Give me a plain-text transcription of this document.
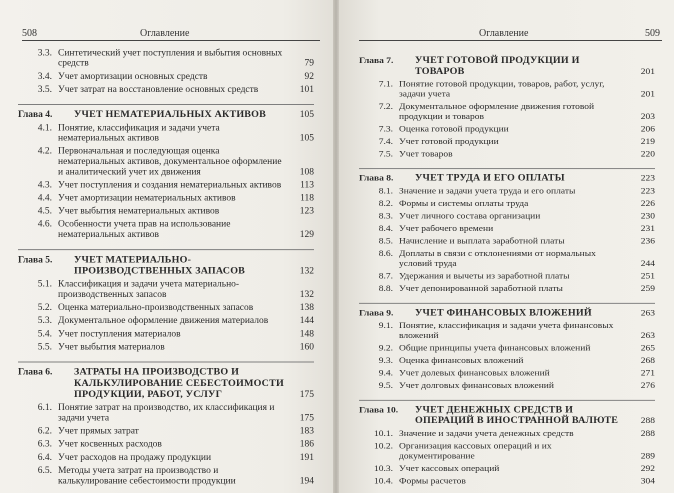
508	Оглавление
3.3. Синтетический учет поступления и выбытия основных средств	79
3.4. Учет амортизации основных средств	92
3.5. Учет затрат на восстановление основных средств	101
Глава 4. УЧЕТ НЕМАТЕРИАЛЬНЫХ АКТИВОВ	105
4.1. Понятие, классификация и задачи учета нематериальных активов	105
4.2. Первоначальная и последующая оценка нематериальных активов, документальное оформление и аналитический учет их движения	108
4.3. Учет поступления и создания нематериальных активов	113
4.4. Учет амортизации нематериальных активов	118
4.5. Учет выбытия нематериальных активов	123
4.6. Особенности учета прав на использование нематериальных активов	129
Глава 5. УЧЕТ МАТЕРИАЛЬНО-ПРОИЗВОДСТВЕННЫХ ЗАПАСОВ	132
5.1. Классификация и задачи учета материально-производственных запасов	132
5.2. Оценка материально-производственных запасов	138
5.3. Документальное оформление движения материалов	144
5.4. Учет поступления материалов	148
5.5. Учет выбытия материалов	160
Глава 6. ЗАТРАТЫ НА ПРОИЗВОДСТВО И КАЛЬКУЛИРОВАНИЕ СЕБЕСТОИМОСТИ ПРОДУКЦИИ, РАБОТ, УСЛУГ	175
6.1. Понятие затрат на производство, их классификация и задачи учета	175
6.2. Учет прямых затрат	183
6.3. Учет косвенных расходов	186
6.4. Учет расходов на продажу продукции	191
6.5. Методы учета затрат на производство и калькулирование себестоимости продукции	194
Оглавление	509
Глава 7. УЧЕТ ГОТОВОЙ ПРОДУКЦИИ И ТОВАРОВ	201
7.1. Понятие готовой продукции, товаров, работ, услуг, задачи учета	201
7.2. Документальное оформление движения готовой продукции и товаров	203
7.3. Оценка готовой продукции	206
7.4. Учет готовой продукции	219
7.5. Учет товаров	220
Глава 8. УЧЕТ ТРУДА И ЕГО ОПЛАТЫ	223
8.1. Значение и задачи учета труда и его оплаты	223
8.2. Формы и системы оплаты труда	226
8.3. Учет личного состава организации	230
8.4. Учет рабочего времени	231
8.5. Начисление и выплата заработной платы	236
8.6. Доплаты в связи с отклонениями от нормальных условий труда	244
8.7. Удержания и вычеты из заработной платы	251
8.8. Учет депонированной заработной платы	259
Глава 9. УЧЕТ ФИНАНСОВЫХ ВЛОЖЕНИЙ	263
9.1. Понятие, классификация и задачи учета финансовых вложений	263
9.2. Общие принципы учета финансовых вложений	265
9.3. Оценка финансовых вложений	268
9.4. Учет долевых финансовых вложений	271
9.5. Учет долговых финансовых вложений	276
Глава 10. УЧЕТ ДЕНЕЖНЫХ СРЕДСТВ И ОПЕРАЦИЙ В ИНОСТРАННОЙ ВАЛЮТЕ	288
10.1. Значение и задачи учета денежных средств	288
10.2. Организация кассовых операций и их документирование	289
10.3. Учет кассовых операций	292
10.4. Формы расчетов	304
